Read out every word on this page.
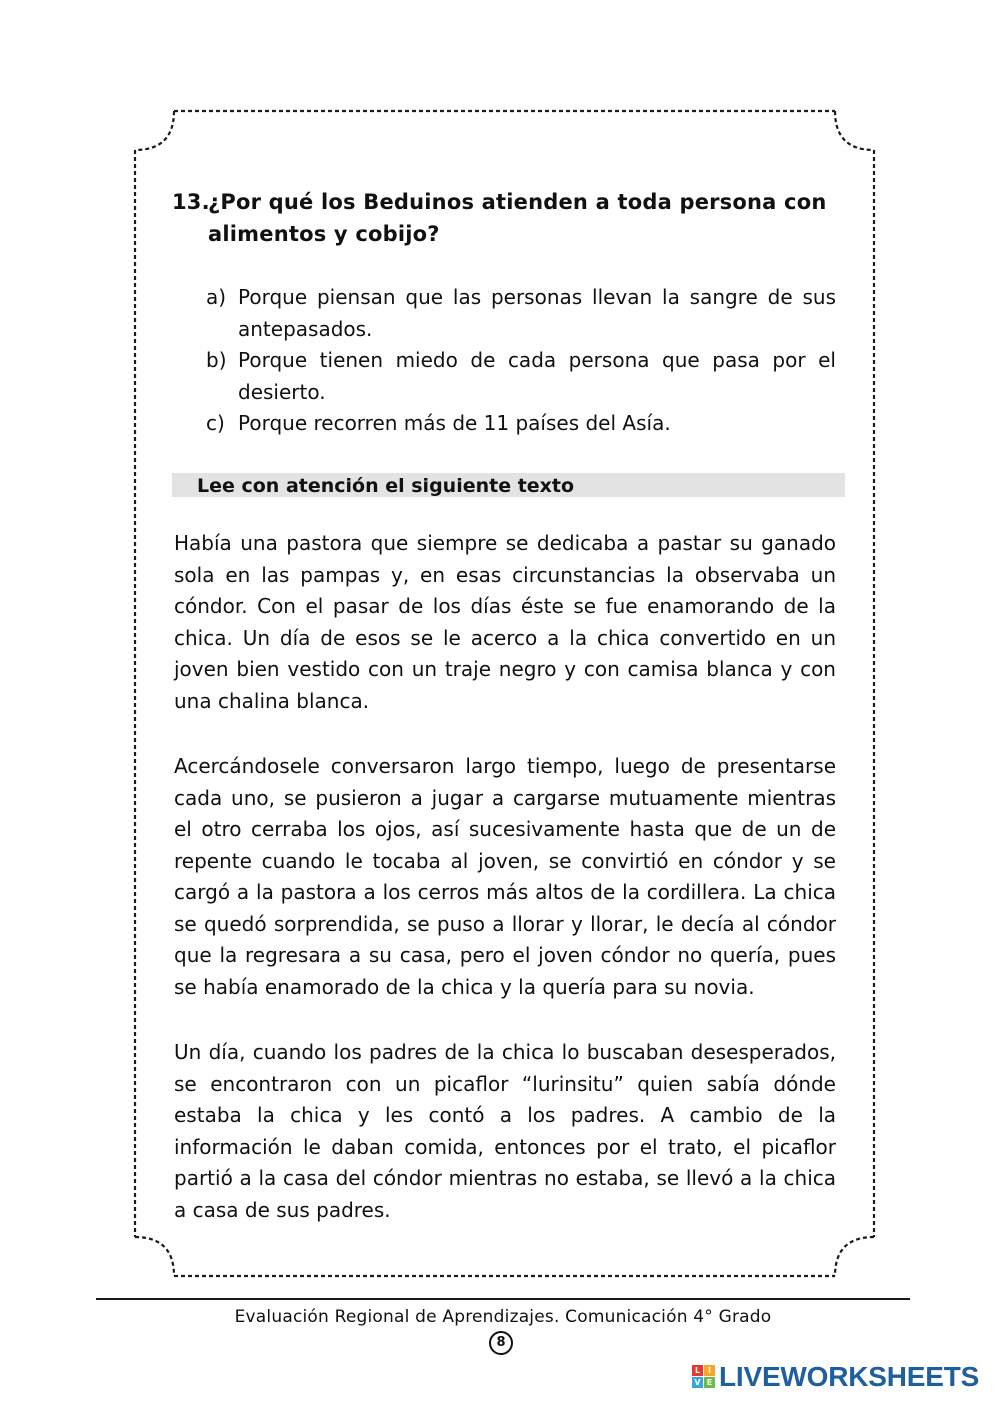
13.¿Por qué los Beduinos atienden a toda persona con
alimentos y cobijo?
a) Porque piensan que las personas llevan la sangre de sus antepasados.
b) Porque tienen miedo de cada persona que pasa por el desierto.
c) Porque recorren más de 11 países del Asía.
Lee con atención el siguiente texto

Había una pastora que siempre se dedicaba a pastar su ganado sola en las pampas y, en esas circunstancias la observaba un cóndor. Con el pasar de los días éste se fue enamorando de la chica. Un día de esos se le acerco a la chica convertido en un joven bien vestido con un traje negro y con camisa blanca y con una chalina blanca.

Acercándosele conversaron largo tiempo, luego de presentarse cada uno, se pusieron a jugar a cargarse mutuamente mientras el otro cerraba los ojos, así sucesivamente hasta que de un de repente cuando le tocaba al joven, se convirtió en cóndor y se cargó a la pastora a los cerros más altos de la cordillera. La chica se quedó sorprendida, se puso a llorar y llorar, le decía al cóndor que la regresara a su casa, pero el joven cóndor no quería, pues se había enamorado de la chica y la quería para su novia.

Un día, cuando los padres de la chica lo buscaban desesperados, se encontraron con un picaflor “lurinsitu” quien sabía dónde estaba la chica y les contó a los padres. A cambio de la información le daban comida, entonces por el trato, el picaflor partió a la casa del cóndor mientras no estaba, se llevó a la chica a casa de sus padres.

Evaluación Regional de Aprendizajes. Comunicación 4° Grado
8
L I
V E LIVEWORKSHEETS
